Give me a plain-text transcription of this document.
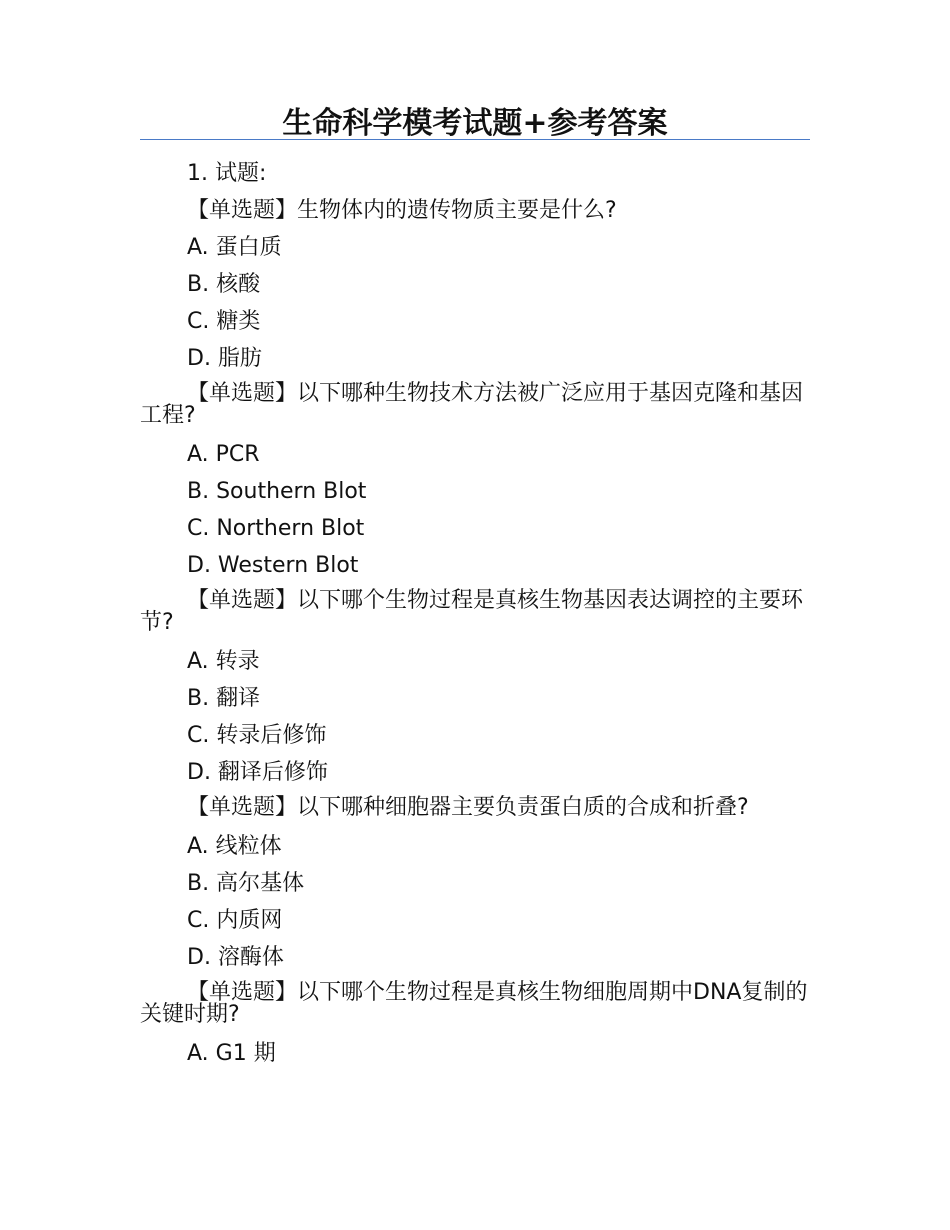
生命科学模考试题+参考答案
1. 试题:
【单选题】生物体内的遗传物质主要是什么?
A. 蛋白质
B. 核酸
C. 糖类
D. 脂肪
【单选题】以下哪种生物技术方法被广泛应用于基因克隆和基因工程?
A. PCR
B. Southern Blot
C. Northern Blot
D. Western Blot
【单选题】以下哪个生物过程是真核生物基因表达调控的主要环节?
A. 转录
B. 翻译
C. 转录后修饰
D. 翻译后修饰
【单选题】以下哪种细胞器主要负责蛋白质的合成和折叠?
A. 线粒体
B. 高尔基体
C. 内质网
D. 溶酶体
【单选题】以下哪个生物过程是真核生物细胞周期中DNA复制的关键时期?
A. G1 期
